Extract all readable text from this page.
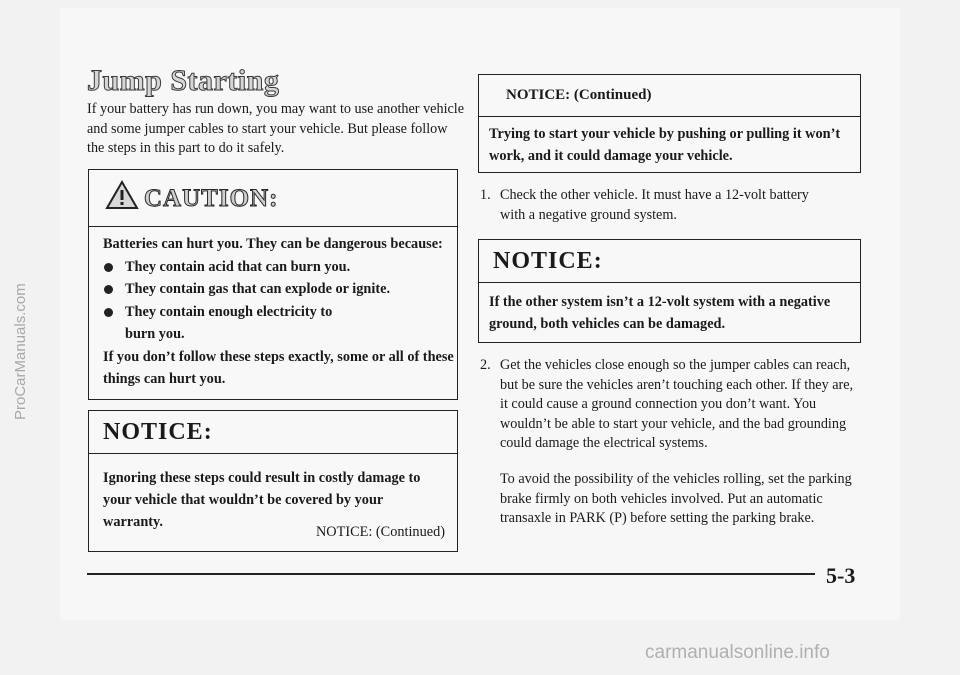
Jump Starting
If your battery has run down, you may want to use another vehicle and some jumper cables to start your vehicle. But please follow the steps in this part to do it safely.
CAUTION:
Batteries can hurt you. They can be dangerous because:
They contain acid that can burn you.
They contain gas that can explode or ignite.
They contain enough electricity to burn you.
If you don’t follow these steps exactly, some or all of these things can hurt you.
NOTICE:
Ignoring these steps could result in costly damage to your vehicle that wouldn’t be covered by your warranty.
NOTICE: (Continued)
NOTICE: (Continued)
Trying to start your vehicle by pushing or pulling it won’t work, and it could damage your vehicle.
1. Check the other vehicle. It must have a 12-volt battery with a negative ground system.
NOTICE:
If the other system isn’t a 12-volt system with a negative ground, both vehicles can be damaged.
2. Get the vehicles close enough so the jumper cables can reach, but be sure the vehicles aren’t touching each other. If they are, it could cause a ground connection you don’t want. You wouldn’t be able to start your vehicle, and the bad grounding could damage the electrical systems.
To avoid the possibility of the vehicles rolling, set the parking brake firmly on both vehicles involved. Put an automatic transaxle in PARK (P) before setting the parking brake.
5-3
ProCarManuals.com
carmanualsonline.info
